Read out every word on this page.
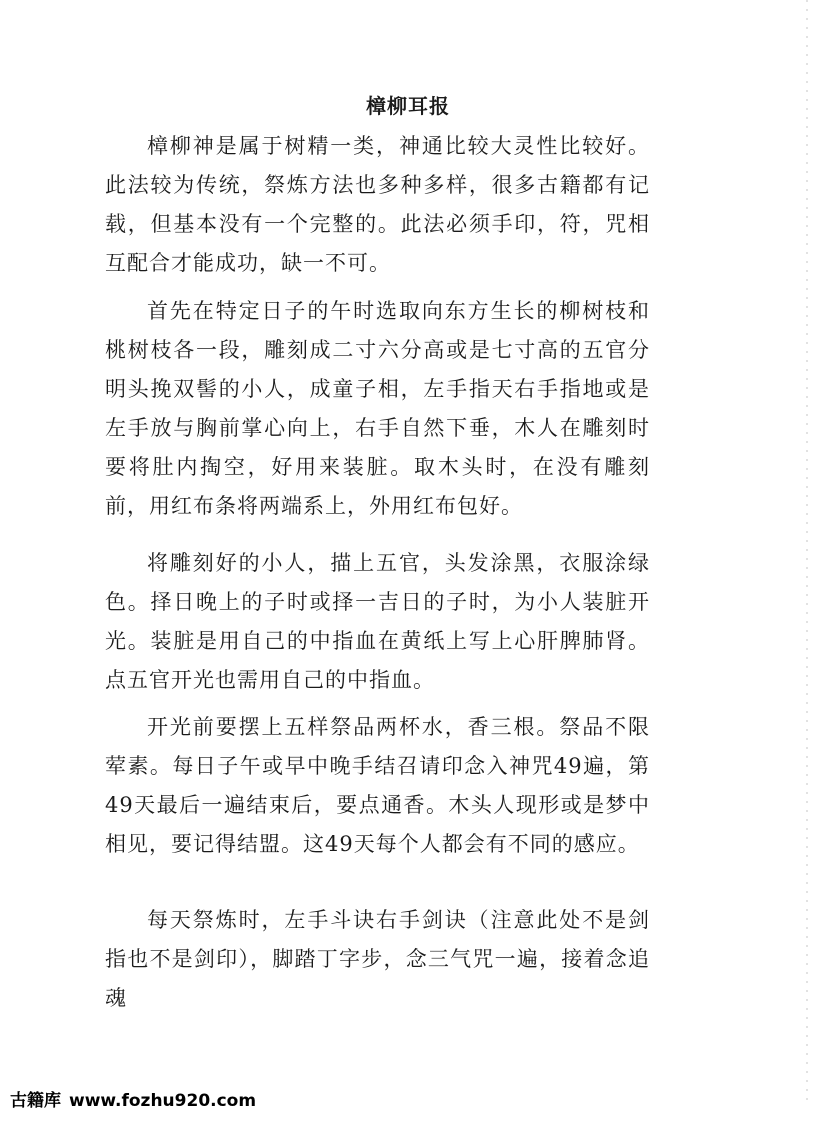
樟柳耳报

樟柳神是属于树精一类，神通比较大灵性比较好。此法较为传统，祭炼方法也多种多样，很多古籍都有记载，但基本没有一个完整的。此法必须手印，符，咒相互配合才能成功，缺一不可。

首先在特定日子的午时选取向东方生长的柳树枝和桃树枝各一段，雕刻成二寸六分高或是七寸高的五官分明头挽双髻的小人，成童子相，左手指天右手指地或是左手放与胸前掌心向上，右手自然下垂，木人在雕刻时要将肚内掏空，好用来装脏。取木头时，在没有雕刻前，用红布条将两端系上，外用红布包好。

将雕刻好的小人，描上五官，头发涂黑，衣服涂绿色。择日晚上的子时或择一吉日的子时，为小人装脏开光。装脏是用自己的中指血在黄纸上写上心肝脾肺肾。点五官开光也需用自己的中指血。

开光前要摆上五样祭品两杯水，香三根。祭品不限荤素。每日子午或早中晚手结召请印念入神咒49遍，第49天最后一遍结束后，要点通香。木头人现形或是梦中相见，要记得结盟。这49天每个人都会有不同的感应。

每天祭炼时，左手斗诀右手剑诀（注意此处不是剑指也不是剑印），脚踏丁字步，念三气咒一遍，接着念追魂

古籍库 www.fozhu920.com
